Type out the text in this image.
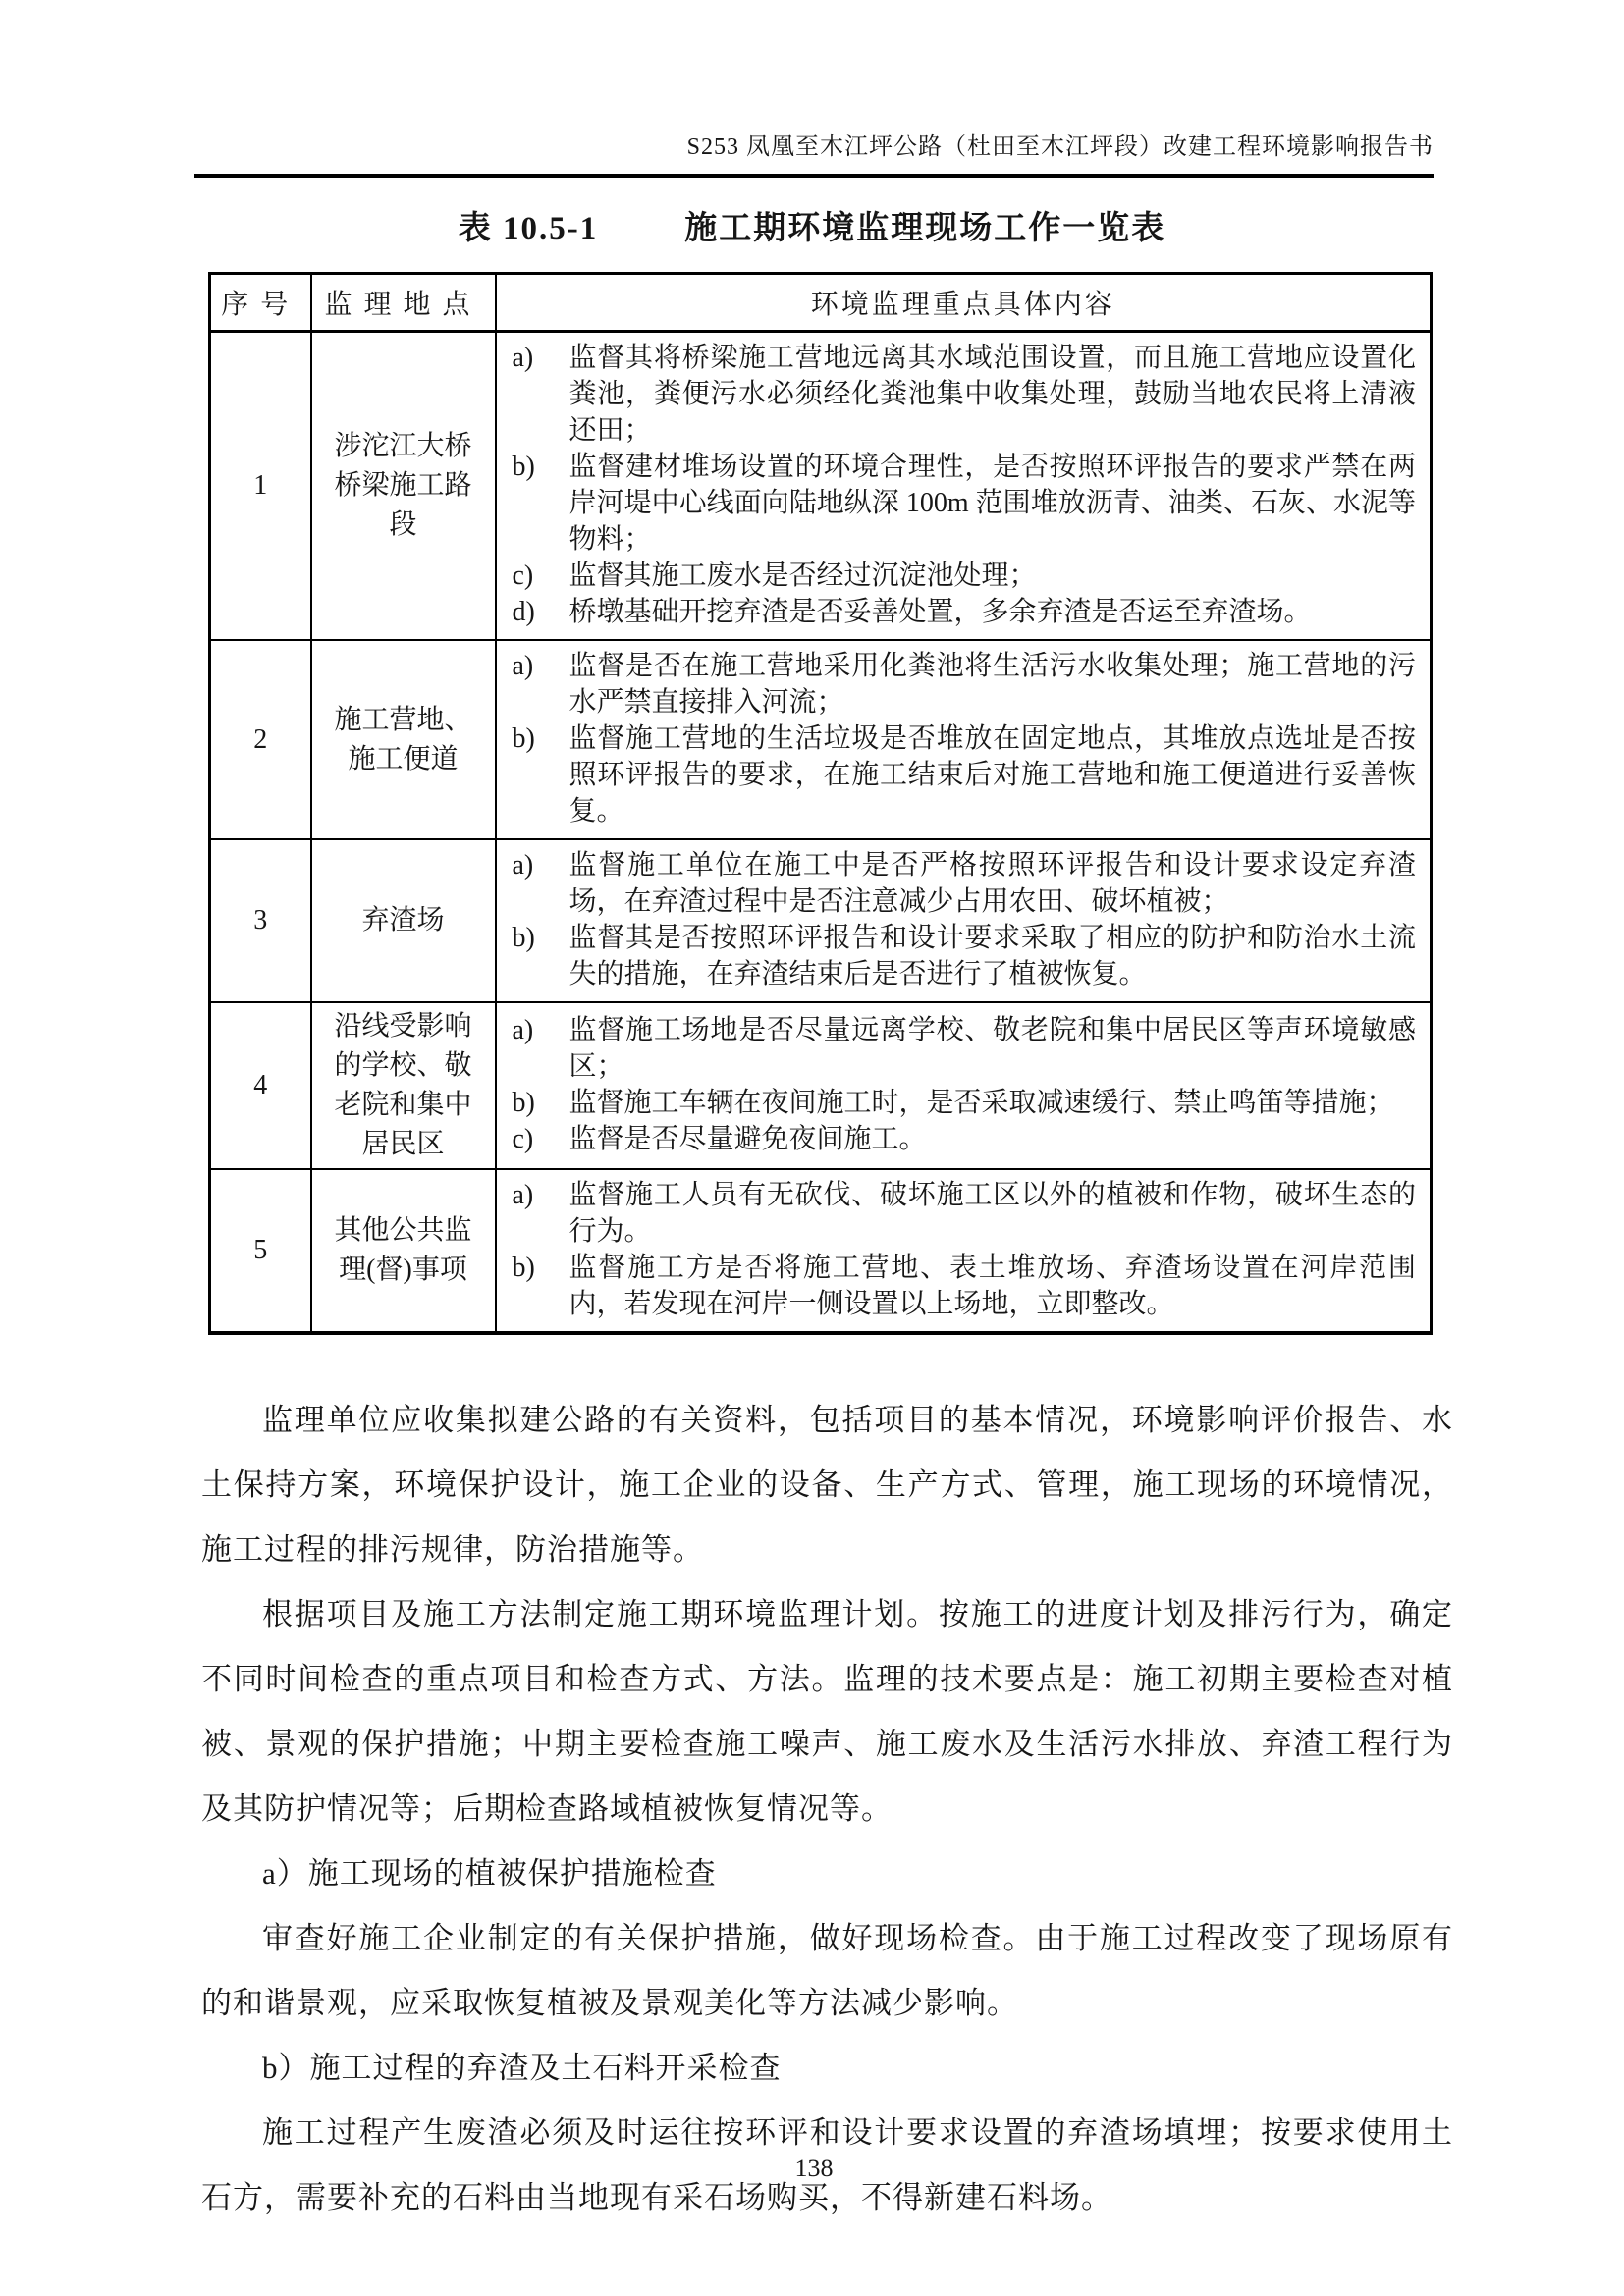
S253 凤凰至木江坪公路（杜田至木江坪段）改建工程环境影响报告书
表 10.5-1	施工期环境监理现场工作一览表
序号	监理地点	环境监理重点具体内容
1	涉沱江大桥桥梁施工路段	
a)	监督其将桥梁施工营地远离其水域范围设置，而且施工营地应设置化粪池，粪便污水必须经化粪池集中收集处理，鼓励当地农民将上清液还田；
b)	监督建材堆场设置的环境合理性，是否按照环评报告的要求严禁在两岸河堤中心线面向陆地纵深 100m 范围堆放沥青、油类、石灰、水泥等物料；
c)	监督其施工废水是否经过沉淀池处理；
d)	桥墩基础开挖弃渣是否妥善处置，多余弃渣是否运至弃渣场。

2	施工营地、施工便道	a) 监督是否在施工营地采用化粪池将生活污水收集处理；施工营地的污水严禁直接排入河流；
b) 监督施工营地的生活垃圾是否堆放在固定地点，其堆放点选址是否按照环评报告的要求，在施工结束后对施工营地和施工便道进行妥善恢复。

3	弃渣场	a) 监督施工单位在施工中是否严格按照环评报告和设计要求设定弃渣场，在弃渣过程中是否注意减少占用农田、破坏植被；
b) 监督其是否按照环评报告和设计要求采取了相应的防护和防治水土流失的措施，在弃渣结束后是否进行了植被恢复。

4	沿线受影响的学校、敬老院和集中居民区	
a)	监督施工场地是否尽量远离学校、敬老院和集中居民区等声环境敏感区；
b)	监督施工车辆在夜间施工时，是否采取减速缓行、禁止鸣笛等措施；
c)	监督是否尽量避免夜间施工。

5	其他公共监理(督)事项	a) 监督施工人员有无砍伐、破坏施工区以外的植被和作物，破坏生态的行为。
b) 监督施工方是否将施工营地、表土堆放场、弃渣场设置在河岸范围内，若发现在河岸一侧设置以上场地，立即整改。

监理单位应收集拟建公路的有关资料，包括项目的基本情况，环境影响评价报告、水土保持方案，环境保护设计，施工企业的设备、生产方式、管理，施工现场的环境情况，施工过程的排污规律，防治措施等。

根据项目及施工方法制定施工期环境监理计划。按施工的进度计划及排污行为，确定不同时间检查的重点项目和检查方式、方法。监理的技术要点是：施工初期主要检查对植被、景观的保护措施；中期主要检查施工噪声、施工废水及生活污水排放、弃渣工程行为及其防护情况等；后期检查路域植被恢复情况等。

a）施工现场的植被保护措施检查

审查好施工企业制定的有关保护措施，做好现场检查。由于施工过程改变了现场原有的和谐景观，应采取恢复植被及景观美化等方法减少影响。

b）施工过程的弃渣及土石料开采检查

施工过程产生废渣必须及时运往按环评和设计要求设置的弃渣场填埋；按要求使用土石方，需要补充的石料由当地现有采石场购买，不得新建石料场。

138
